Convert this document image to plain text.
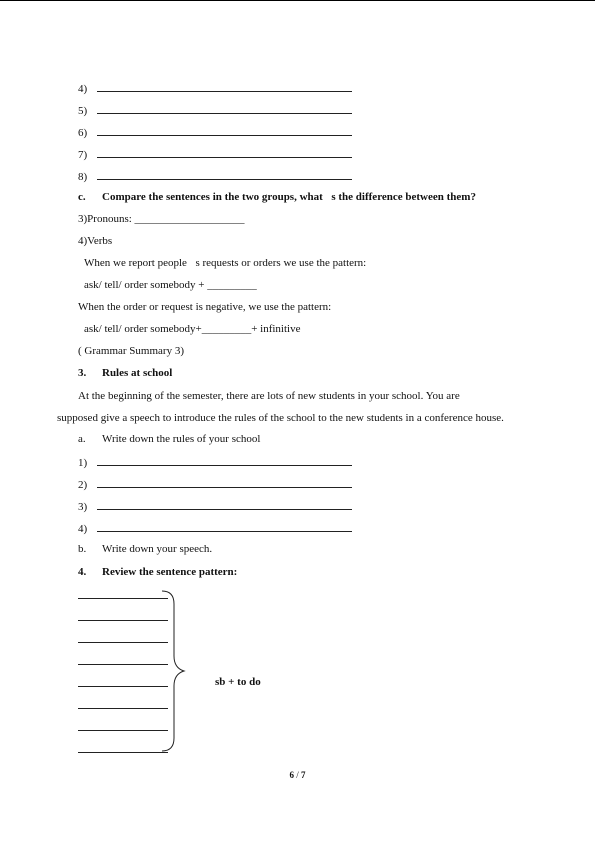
4)
5)
6)
7)
8)
c. Compare the sentences in the two groups, what s the difference between them?
3)Pronouns: ____________________
4)Verbs
When we report people s requests or orders we use the pattern:
ask/ tell/ order somebody + _________
When the order or request is negative, we use the pattern:
ask/ tell/ order somebody+_________+ infinitive
( Grammar Summary 3)
3. Rules at school
At the beginning of the semester, there are lots of new students in your school. You are
supposed give a speech to introduce the rules of the school to the new students in a conference house.
a. Write down the rules of your school
1)
2)
3)
4)
b. Write down your speech.
4. Review the sentence pattern:
sb + to do
6 / 7
